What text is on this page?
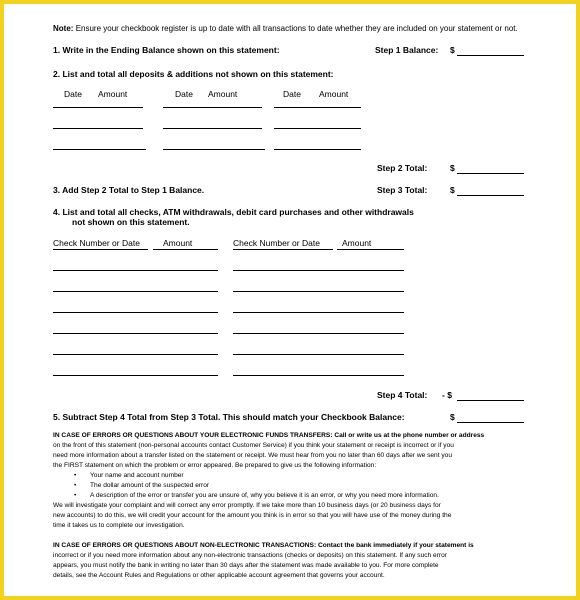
Note: Ensure your checkbook register is up to date with all transactions to date whether they are included on your statement or not.
1. Write in the Ending Balance shown on this statement:	Step 1 Balance: $
2. List and total all deposits & additions not shown on this statement:
Date Amount	Date Amount	Date Amount
Step 2 Total:	$
3. Add Step 2 Total to Step 1 Balance.	Step 3 Total:	$
4. List and total all checks, ATM withdrawals, debit card purchases and other withdrawals
not shown on this statement.
Check Number or Date	Amount	Check Number or Date	Amount
Step 4 Total: - $
5. Subtract Step 4 Total from Step 3 Total. This should match your Checkbook Balance:	$
IN CASE OF ERRORS OR QUESTIONS ABOUT YOUR ELECTRONIC FUNDS TRANSFERS: Call or write us at the phone number or address
on the front of this statement (non-personal accounts contact Customer Service) if you think your statement or receipt is incorrect or if you
need more information about a transfer listed on the statement or receipt. We must hear from you no later than 60 days after we sent you
the FIRST statement on which the problem or error appeared. Be prepared to give us the following information:
• Your name and account number
• The dollar amount of the suspected error
• A description of the error or transfer you are unsure of, why you believe it is an error, or why you need more information.
We will investigate your complaint and will correct any error promptly. If we take more than 10 business days (or 20 business days for
new accounts) to do this, we will credit your account for the amount you think is in error so that you will have use of the money during the
time it takes us to complete our investigation.
IN CASE OF ERRORS OR QUESTIONS ABOUT NON-ELECTRONIC TRANSACTIONS: Contact the bank immediately if your statement is
incorrect or if you need more information about any non-electronic transactions (checks or deposits) on this statement. If any such error
appears, you must notify the bank in writing no later than 30 days after the statement was made available to you. For more complete
details, see the Account Rules and Regulations or other applicable account agreement that governs your account.
